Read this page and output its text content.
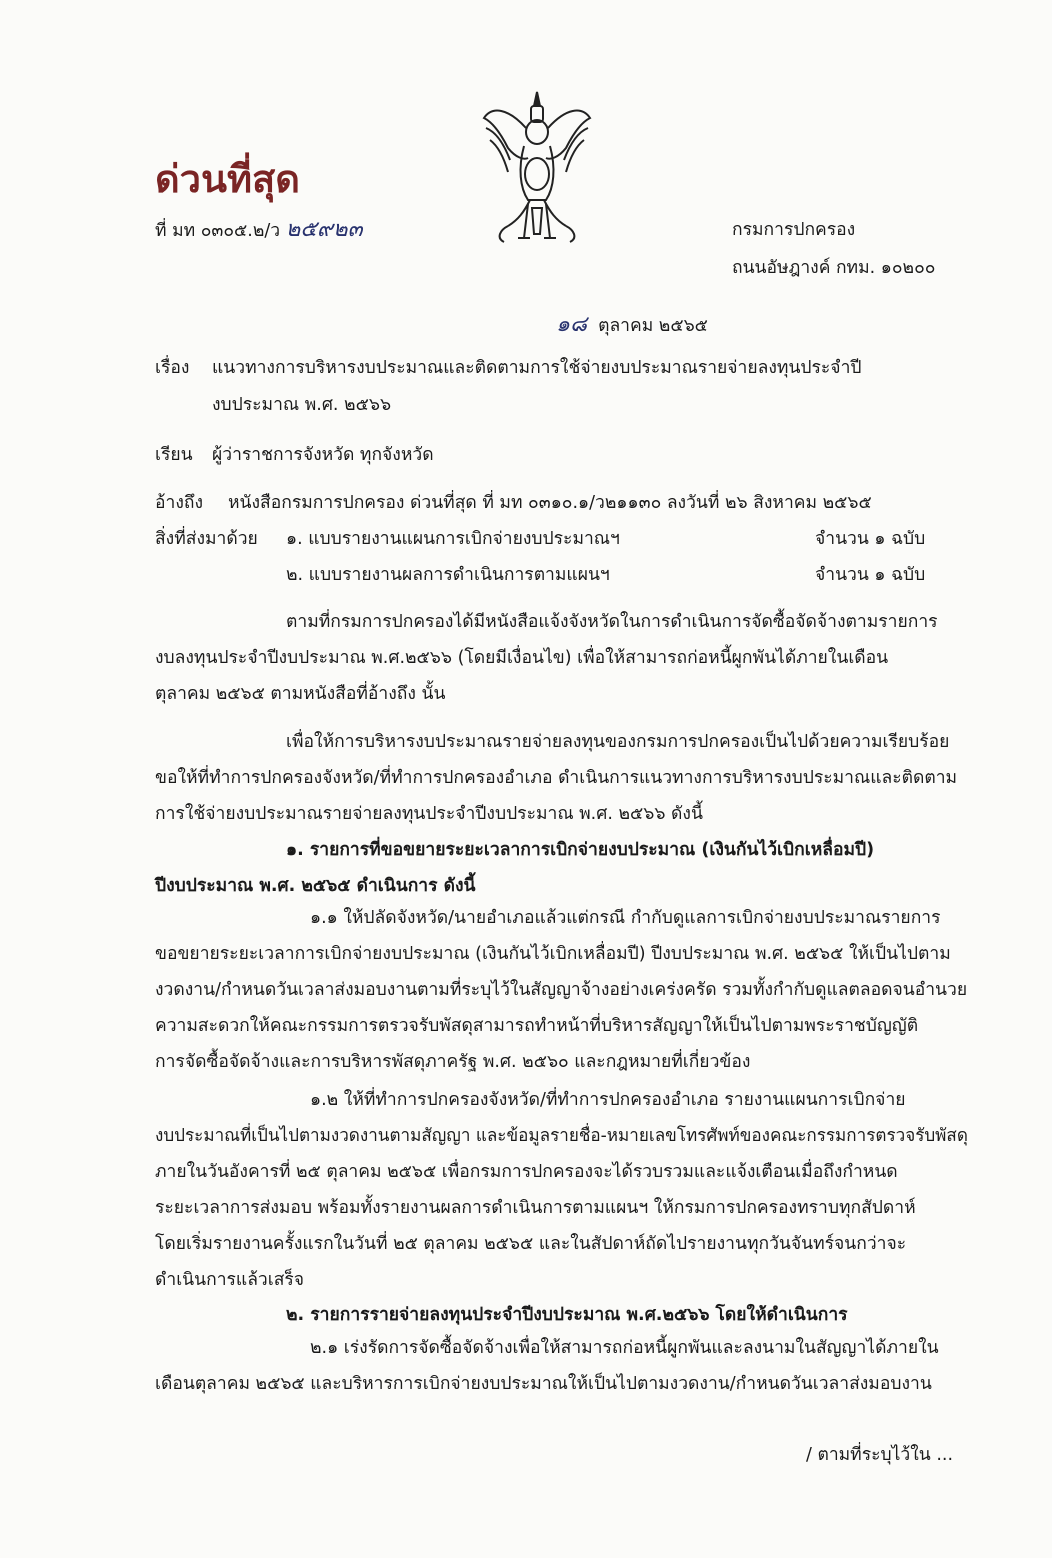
ด่วนที่สุด
ที่ มท ๐๓๐๕.๒/ว ๒๕๙๒๓	กรมการปกครอง
ถนนอัษฎางค์ กทม. ๑๐๒๐๐
๑๘ ตุลาคม ๒๕๖๕
เรื่อง แนวทางการบริหารงบประมาณและติดตามการใช้จ่ายงบประมาณรายจ่ายลงทุนประจำปี
งบประมาณ พ.ศ. ๒๕๖๖
เรียน ผู้ว่าราชการจังหวัด ทุกจังหวัด
อ้างถึง หนังสือกรมการปกครอง ด่วนที่สุด ที่ มท ๐๓๑๐.๑/ว๒๑๑๓๐ ลงวันที่ ๒๖ สิงหาคม ๒๕๖๕
สิ่งที่ส่งมาด้วย ๑. แบบรายงานแผนการเบิกจ่ายงบประมาณฯ	จำนวน ๑ ฉบับ
๒. แบบรายงานผลการดำเนินการตามแผนฯ	จำนวน ๑ ฉบับ
ตามที่กรมการปกครองได้มีหนังสือแจ้งจังหวัดในการดำเนินการจัดซื้อจัดจ้างตามรายการ
งบลงทุนประจำปีงบประมาณ พ.ศ.๒๕๖๖ (โดยมีเงื่อนไข) เพื่อให้สามารถก่อหนี้ผูกพันได้ภายในเดือน
ตุลาคม ๒๕๖๕ ตามหนังสือที่อ้างถึง นั้น
เพื่อให้การบริหารงบประมาณรายจ่ายลงทุนของกรมการปกครองเป็นไปด้วยความเรียบร้อย
ขอให้ที่ทำการปกครองจังหวัด/ที่ทำการปกครองอำเภอ ดำเนินการแนวทางการบริหารงบประมาณและติดตาม
การใช้จ่ายงบประมาณรายจ่ายลงทุนประจำปีงบประมาณ พ.ศ. ๒๕๖๖ ดังนี้
๑. รายการที่ขอขยายระยะเวลาการเบิกจ่ายงบประมาณ (เงินกันไว้เบิกเหลื่อมปี)
ปีงบประมาณ พ.ศ. ๒๕๖๕ ดำเนินการ ดังนี้
๑.๑ ให้ปลัดจังหวัด/นายอำเภอแล้วแต่กรณี กำกับดูแลการเบิกจ่ายงบประมาณรายการ
ขอขยายระยะเวลาการเบิกจ่ายงบประมาณ (เงินกันไว้เบิกเหลื่อมปี) ปีงบประมาณ พ.ศ. ๒๕๖๕ ให้เป็นไปตาม
งวดงาน/กำหนดวันเวลาส่งมอบงานตามที่ระบุไว้ในสัญญาจ้างอย่างเคร่งครัด รวมทั้งกำกับดูแลตลอดจนอำนวย
ความสะดวกให้คณะกรรมการตรวจรับพัสดุสามารถทำหน้าที่บริหารสัญญาให้เป็นไปตามพระราชบัญญัติ
การจัดซื้อจัดจ้างและการบริหารพัสดุภาครัฐ พ.ศ. ๒๕๖๐ และกฎหมายที่เกี่ยวข้อง
๑.๒ ให้ที่ทำการปกครองจังหวัด/ที่ทำการปกครองอำเภอ รายงานแผนการเบิกจ่าย
งบประมาณที่เป็นไปตามงวดงานตามสัญญา และข้อมูลรายชื่อ-หมายเลขโทรศัพท์ของคณะกรรมการตรวจรับพัสดุ
ภายในวันอังคารที่ ๒๕ ตุลาคม ๒๕๖๕ เพื่อกรมการปกครองจะได้รวบรวมและแจ้งเตือนเมื่อถึงกำหนด
ระยะเวลาการส่งมอบ พร้อมทั้งรายงานผลการดำเนินการตามแผนฯ ให้กรมการปกครองทราบทุกสัปดาห์
โดยเริ่มรายงานครั้งแรกในวันที่ ๒๕ ตุลาคม ๒๕๖๕ และในสัปดาห์ถัดไปรายงานทุกวันจันทร์จนกว่าจะ
ดำเนินการแล้วเสร็จ
๒. รายการรายจ่ายลงทุนประจำปีงบประมาณ พ.ศ.๒๕๖๖ โดยให้ดำเนินการ
๒.๑ เร่งรัดการจัดซื้อจัดจ้างเพื่อให้สามารถก่อหนี้ผูกพันและลงนามในสัญญาได้ภายใน
เดือนตุลาคม ๒๕๖๕ และบริหารการเบิกจ่ายงบประมาณให้เป็นไปตามงวดงาน/กำหนดวันเวลาส่งมอบงาน
/ ตามที่ระบุไว้ใน ...
